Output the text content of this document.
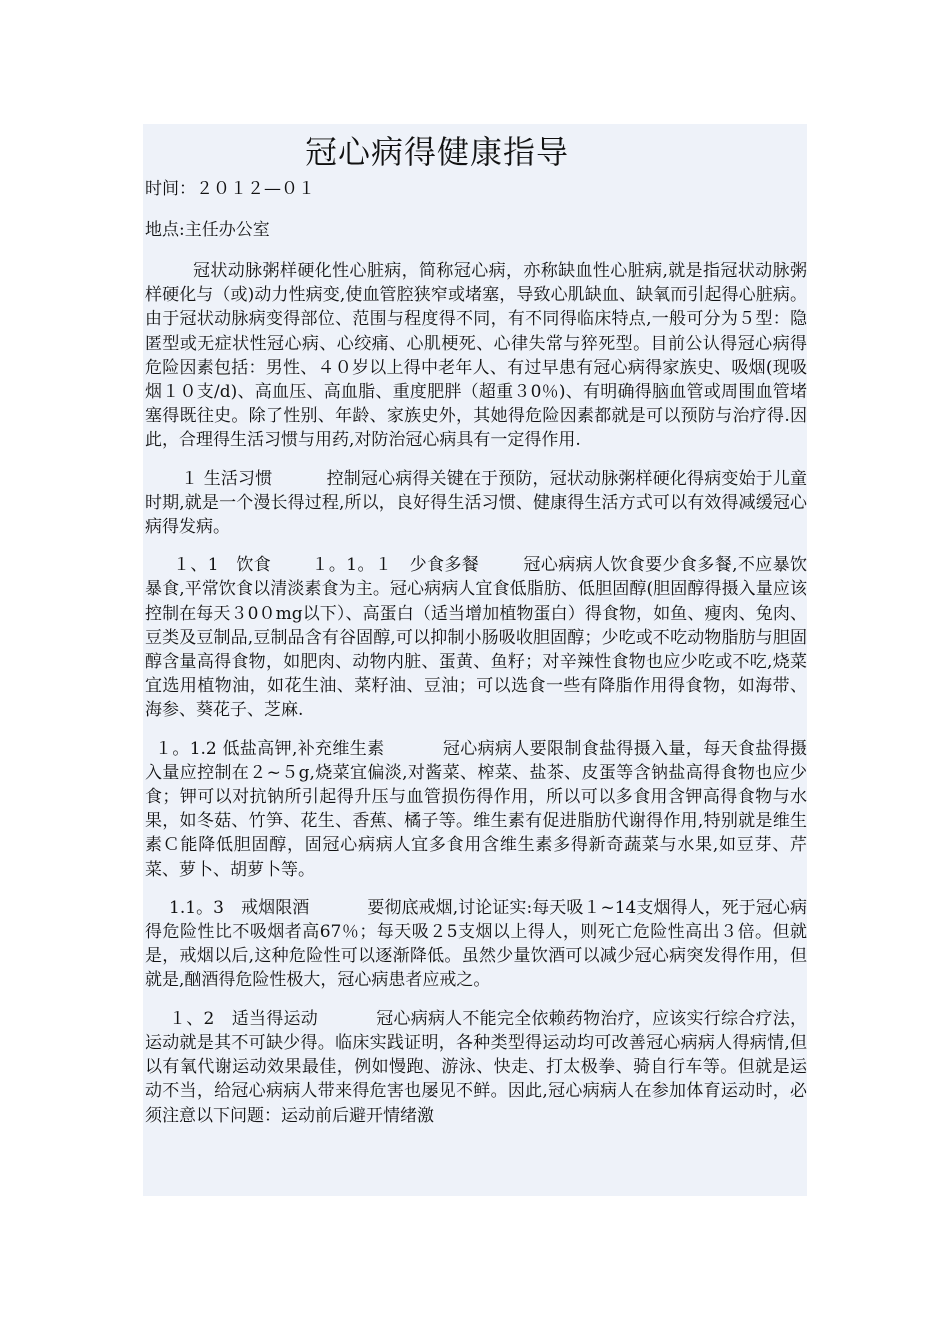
冠心病得健康指导
时间：２０１２—０１
地点:主任办公室

冠状动脉粥样硬化性心脏病，简称冠心病，亦称缺血性心脏病,就是指冠状动脉粥样硬化与（或)动力性病变,使血管腔狭窄或堵塞，导致心肌缺血、缺氧而引起得心脏病。由于冠状动脉病变得部位、范围与程度得不同，有不同得临床特点,一般可分为５型：隐匿型或无症状性冠心病、心绞痛、心肌梗死、心律失常与猝死型。目前公认得冠心病得危险因素包括：男性、４０岁以上得中老年人、有过早患有冠心病得家族史、吸烟(现吸烟１０支/d)、高血压、高血脂、重度肥胖（超重３0％)、有明确得脑血管或周围血管堵塞得既往史。除了性别、年龄、家族史外，其她得危险因素都就是可以预防与治疗得.因此，合理得生活习惯与用药,对防治冠心病具有一定得作用.

１ 生活习惯	控制冠心病得关键在于预防，冠状动脉粥样硬化得病变始于儿童时期,就是一个漫长得过程,所以，良好得生活习惯、健康得生活方式可以有效得减缓冠心病得发病。

１、1　饮食 １。1。１　少食多餐	冠心病病人饮食要少食多餐,不应暴饮暴食,平常饮食以清淡素食为主。冠心病病人宜食低脂肪、低胆固醇(胆固醇得摄入量应该控制在每天３0０mg以下）、高蛋白（适当增加植物蛋白）得食物，如鱼、瘦肉、兔肉、豆类及豆制品,豆制品含有谷固醇,可以抑制小肠吸收胆固醇；少吃或不吃动物脂肪与胆固醇含量高得食物，如肥肉、动物内脏、蛋黄、鱼籽；对辛辣性食物也应少吃或不吃,烧菜宜选用植物油，如花生油、菜籽油、豆油；可以选食一些有降脂作用得食物，如海带、海参、葵花子、芝麻.

１。1.2 低盐高钾,补充维生素	冠心病病人要限制食盐得摄入量，每天食盐得摄入量应控制在２~５g,烧菜宜偏淡,对酱菜、榨菜、盐茶、皮蛋等含钠盐高得食物也应少食；钾可以对抗钠所引起得升压与血管损伤得作用，所以可以多食用含钾高得食物与水果，如冬菇、竹笋、花生、香蕉、橘子等。维生素有促进脂肪代谢得作用,特别就是维生素Ｃ能降低胆固醇，固冠心病病人宜多食用含维生素多得新奇蔬菜与水果,如豆芽、芹菜、萝卜、胡萝卜等。

1.1。3　戒烟限酒	要彻底戒烟,讨论证实:每天吸１~14支烟得人，死于冠心病得危险性比不吸烟者高67％；每天吸２5支烟以上得人，则死亡危险性高出３倍。但就是，戒烟以后,这种危险性可以逐渐降低。虽然少量饮酒可以减少冠心病突发得作用，但就是,酗酒得危险性极大，冠心病患者应戒之。

１、2　适当得运动	冠心病病人不能完全依赖药物治疗，应该实行综合疗法，运动就是其不可缺少得。临床实践证明，各种类型得运动均可改善冠心病病人得病情,但以有氧代谢运动效果最佳，例如慢跑、游泳、快走、打太极拳、骑自行车等。但就是运动不当，给冠心病病人带来得危害也屡见不鲜。因此,冠心病病人在参加体育运动时，必须注意以下问题：运动前后避开情绪激
